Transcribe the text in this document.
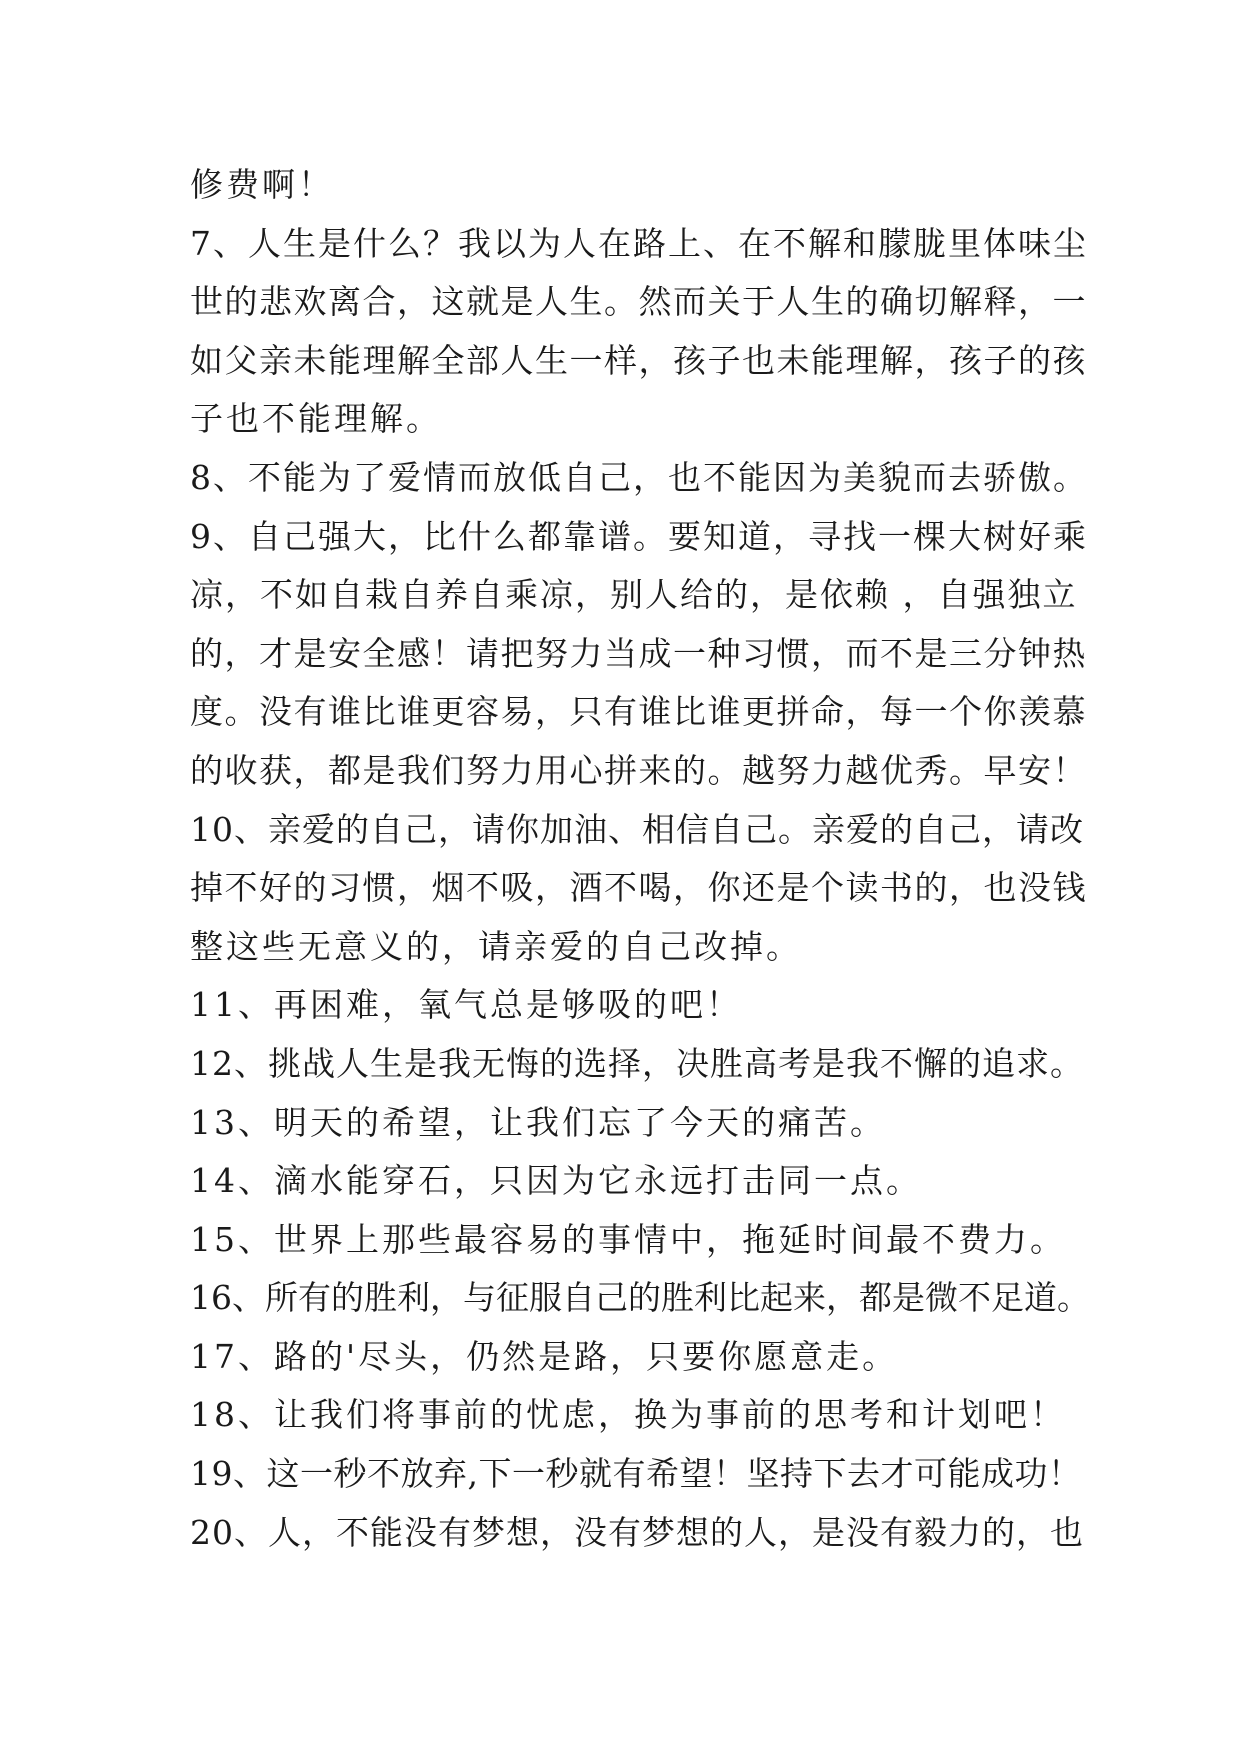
修费啊！
7、人生是什么？我以为人在路上、在不解和朦胧里体味尘
世的悲欢离合，这就是人生。然而关于人生的确切解释，一
如父亲未能理解全部人生一样，孩子也未能理解，孩子的孩
子也不能理解。
8、不能为了爱情而放低自己，也不能因为美貌而去骄傲。
9、自己强大，比什么都靠谱。要知道，寻找一棵大树好乘
凉，不如自栽自养自乘凉，别人给的，是依赖 ，自强独立
的，才是安全感！请把努力当成一种习惯，而不是三分钟热
度。没有谁比谁更容易，只有谁比谁更拼命，每一个你羡慕
的收获，都是我们努力用心拼来的。越努力越优秀。早安！
10、亲爱的自己，请你加油、相信自己。亲爱的自己，请改
掉不好的习惯，烟不吸，酒不喝，你还是个读书的，也没钱
整这些无意义的，请亲爱的自己改掉。
11、再困难，氧气总是够吸的吧！
12、挑战人生是我无悔的选择，决胜高考是我不懈的追求。
13、明天的希望，让我们忘了今天的痛苦。
14、滴水能穿石，只因为它永远打击同一点。
15、世界上那些最容易的事情中，拖延时间最不费力。
16、所有的胜利，与征服自己的胜利比起来，都是微不足道。
17、路的'尽头，仍然是路，只要你愿意走。
18、让我们将事前的忧虑，换为事前的思考和计划吧！
19、这一秒不放弃,下一秒就有希望！坚持下去才可能成功！
20、人，不能没有梦想，没有梦想的人，是没有毅力的，也
